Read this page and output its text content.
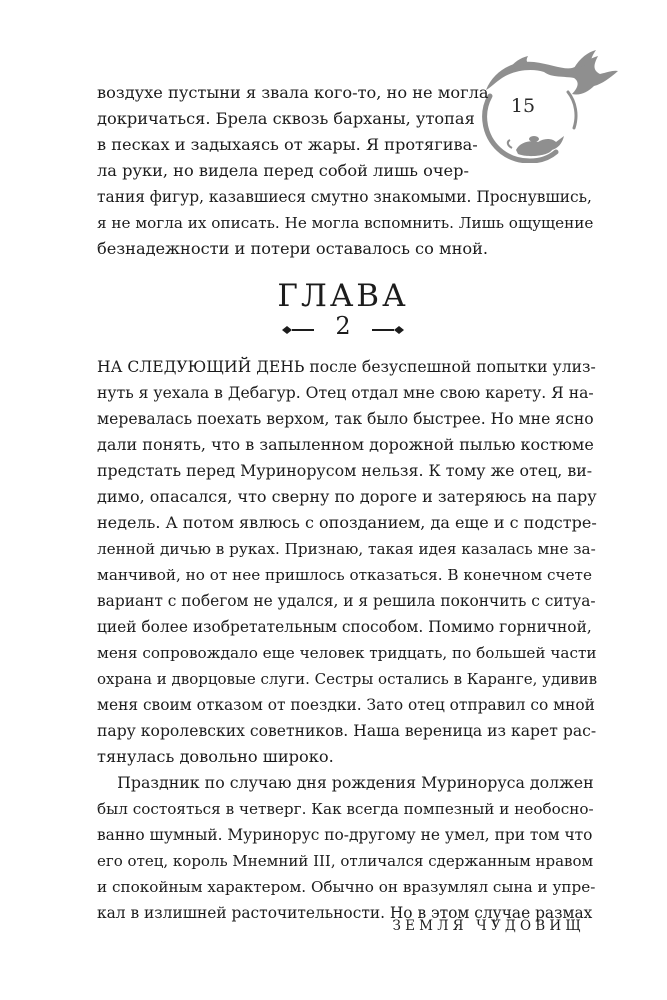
15

воздухе пустыни я звала кого-то, но не могла

докричаться. Брела сквозь барханы, утопая

в песках и задыхаясь от жары. Я протягива-

ла руки, но видела перед собой лишь очер-

тания фигур, казавшиеся смутно знакомыми. Проснувшись,

я не могла их описать. Не могла вспомнить. Лишь ощущение

безнадежности и потери оставалось со мной.

ГЛАВА
2

НА СЛЕДУЮЩИЙ ДЕНЬ после безуспешной попытки улиз-

нуть я уехала в Дебагур. Отец отдал мне свою карету. Я на-

меревалась поехать верхом, так было быстрее. Но мне ясно

дали понять, что в запыленном дорожной пылью костюме

предстать перед Муринорусом нельзя. К тому же отец, ви-

димо, опасался, что сверну по дороге и затеряюсь на пару

недель. А потом явлюсь с опозданием, да еще и с подстре-

ленной дичью в руках. Признаю, такая идея казалась мне за-

манчивой, но от нее пришлось отказаться. В конечном счете

вариант с побегом не удался, и я решила покончить с ситуа-

цией более изобретательным способом. Помимо горничной,

меня сопровождало еще человек тридцать, по большей части

охрана и дворцовые слуги. Сестры остались в Каранге, удивив

меня своим отказом от поездки. Зато отец отправил со мной

пару королевских советников. Наша вереница из карет рас-

тянулась довольно широко.

Праздник по случаю дня рождения Муриноруса должен

был состояться в четверг. Как всегда помпезный и необосно-

ванно шумный. Муринорус по-другому не умел, при том что

его отец, король Мнемний III, отличался сдержанным нравом

и спокойным характером. Обычно он вразумлял сына и упре-

кал в излишней расточительности. Но в этом случае размах

ЗЕМЛЯ ЧУДОВИЩ
